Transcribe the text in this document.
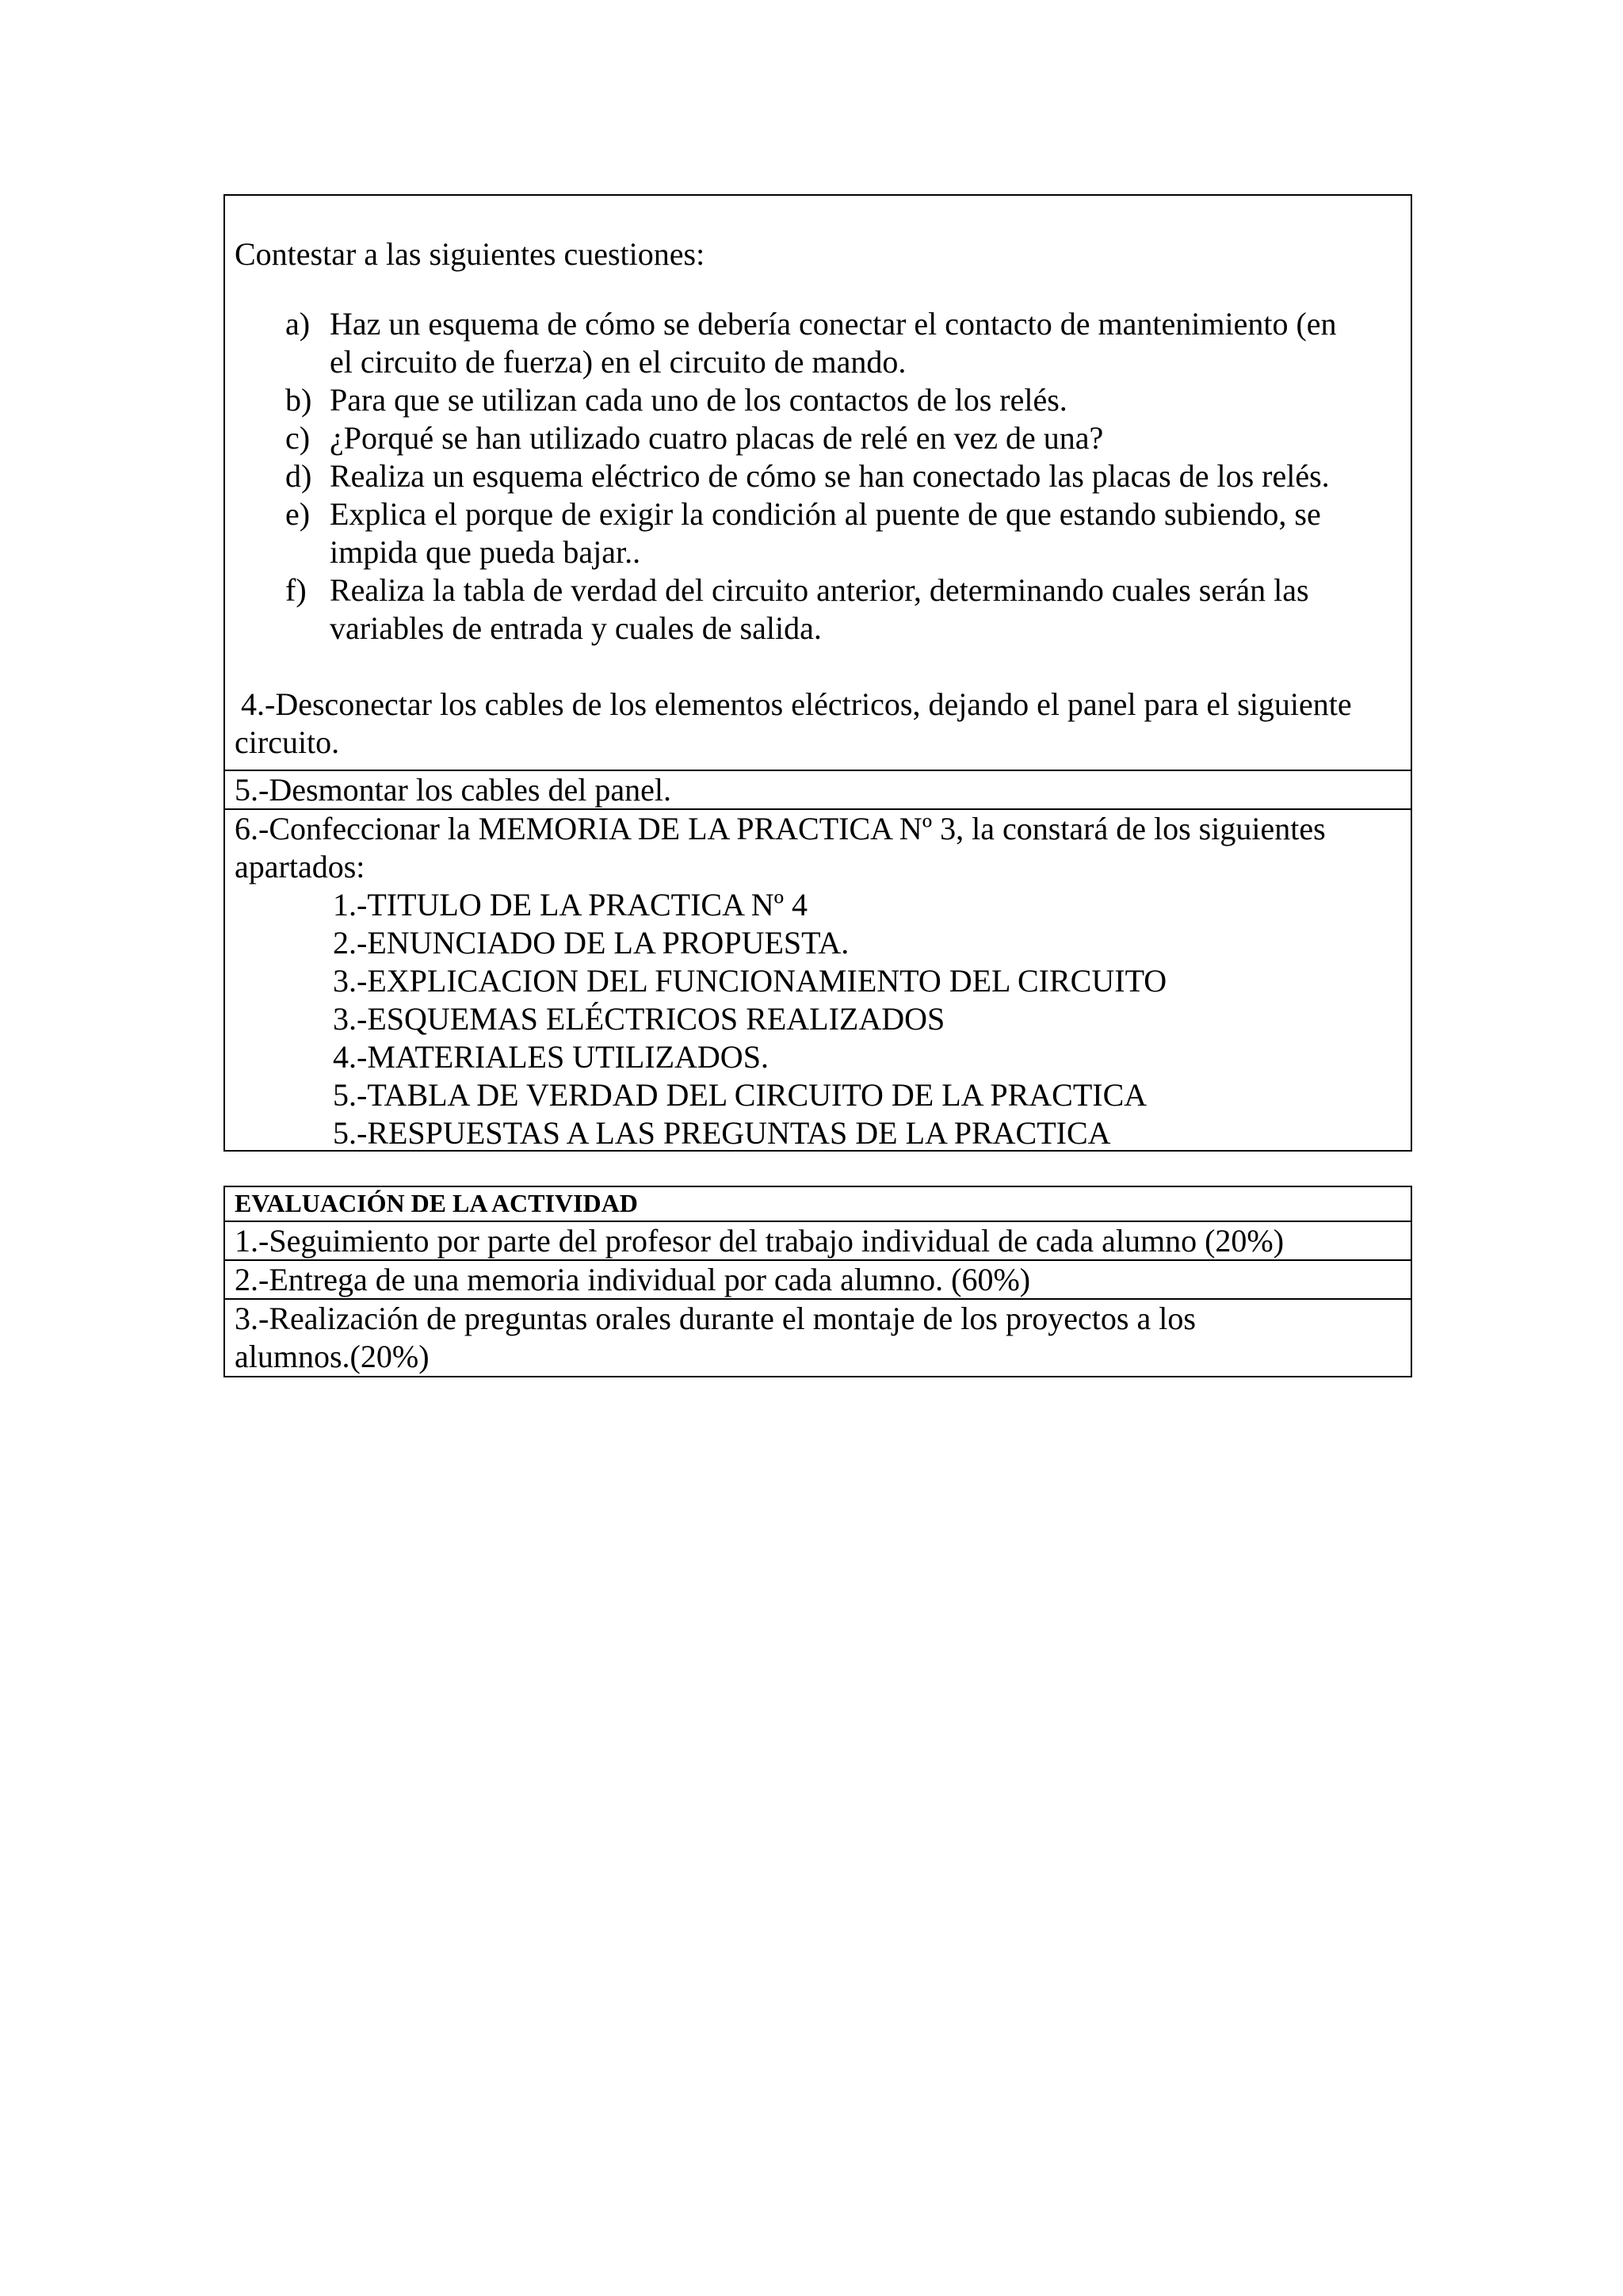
Contestar a las siguientes cuestiones:
a) Haz un esquema de cómo se debería conectar el contacto de mantenimiento (en
el circuito de fuerza) en el circuito de mando.
b) Para que se utilizan cada uno de los contactos de los relés.
c) ¿Porqué se han utilizado cuatro placas de relé en vez de una?
d) Realiza un esquema eléctrico de cómo se han conectado las placas de los relés.
e) Explica el porque de exigir la condición al puente de que estando subiendo, se
impida que pueda bajar..
f) Realiza la tabla de verdad del circuito anterior, determinando cuales serán las
variables de entrada y cuales de salida.
4.-Desconectar los cables de los elementos eléctricos, dejando el panel para el siguiente
circuito.
5.-Desmontar los cables del panel.
6.-Confeccionar la MEMORIA DE LA PRACTICA Nº 3, la constará de los siguientes
apartados:
1.-TITULO DE LA PRACTICA Nº 4
2.-ENUNCIADO DE LA PROPUESTA.
3.-EXPLICACION DEL FUNCIONAMIENTO DEL CIRCUITO
3.-ESQUEMAS ELÉCTRICOS REALIZADOS
4.-MATERIALES UTILIZADOS.
5.-TABLA DE VERDAD DEL CIRCUITO DE LA PRACTICA
5.-RESPUESTAS A LAS PREGUNTAS DE LA PRACTICA
EVALUACIÓN DE LA ACTIVIDAD
1.-Seguimiento por parte del profesor del trabajo individual de cada alumno (20%)
2.-Entrega de una memoria individual por cada alumno. (60%)
3.-Realización de preguntas orales durante el montaje de los proyectos a los
alumnos.(20%)
